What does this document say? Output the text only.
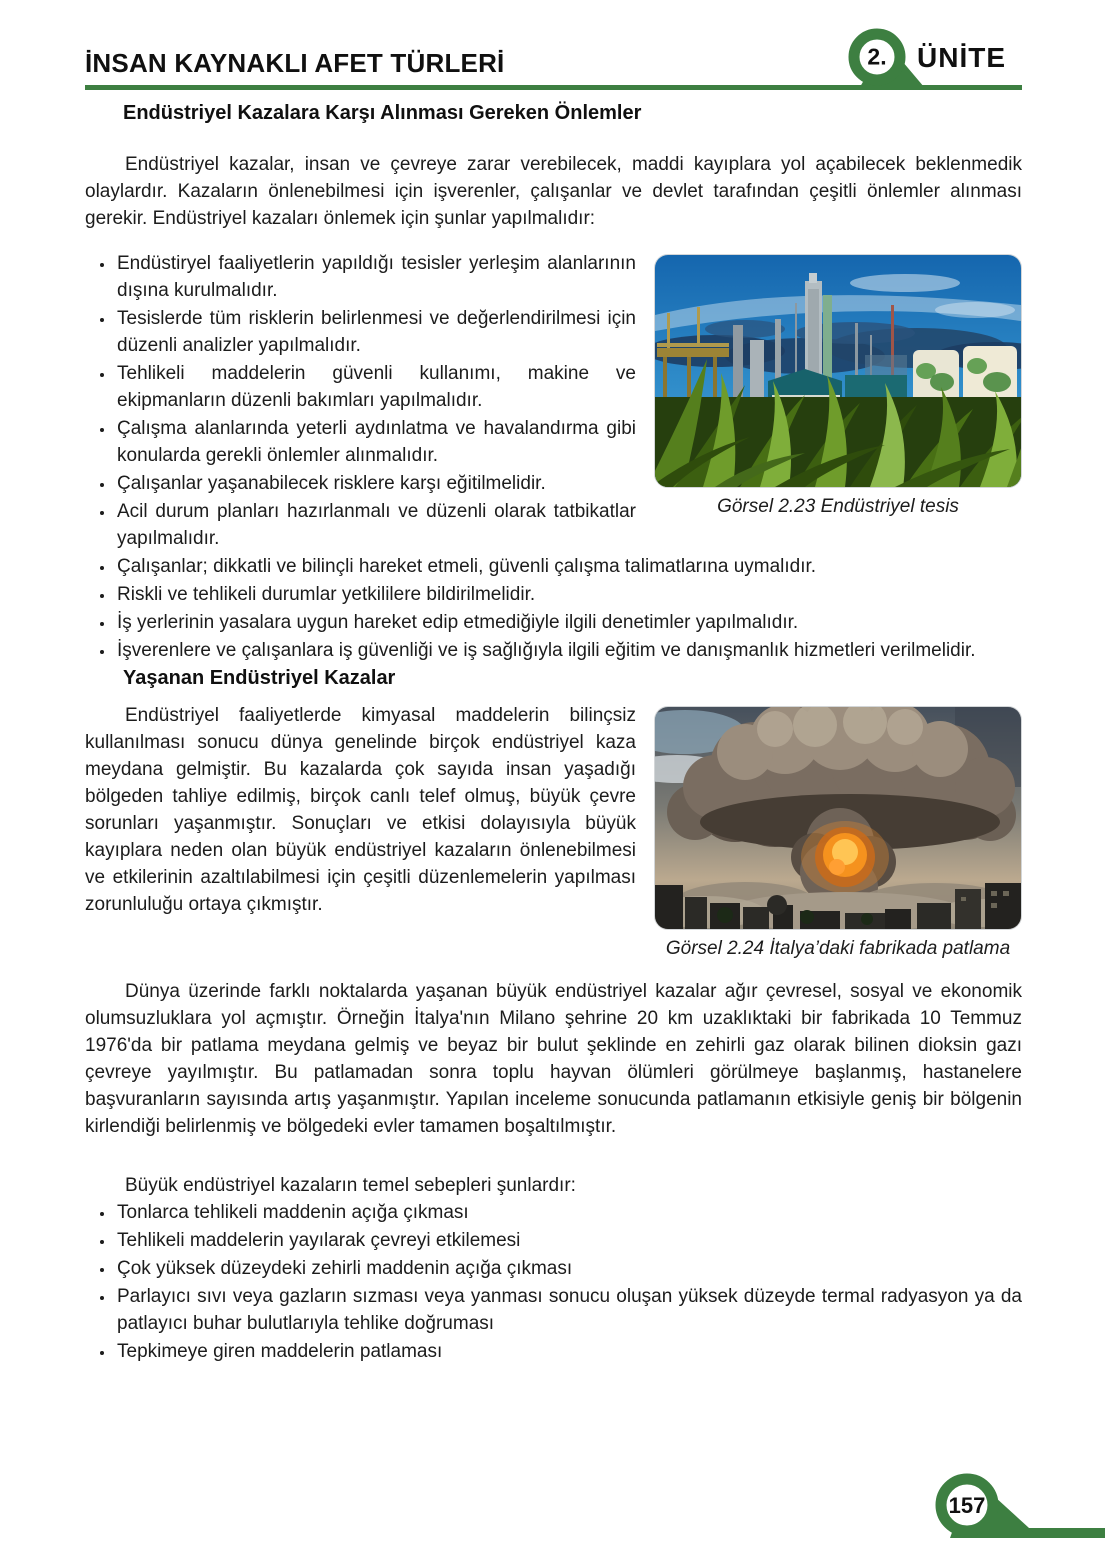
İNSAN KAYNAKLI AFET TÜRLERİ	2. ÜNİTE
Endüstriyel Kazalara Karşı Alınması Gereken Önlemler

Endüstriyel kazalar, insan ve çevreye zarar verebilecek, maddi kayıplara yol açabilecek beklenmedik olaylardır. Kazaların önlenebilmesi için işverenler, çalışanlar ve devlet tarafından çeşitli önlemler alınması gerekir. Endüstriyel kazaları önlemek için şunlar yapılmalıdır:

Görsel 2.23 Endüstriyel tesis
• Endüstiryel faaliyetlerin yapıldığı tesisler yerleşim alanlarının dışına kurulmalıdır.
• Tesislerde tüm risklerin belirlenmesi ve değerlendirilmesi için düzenli analizler yapılmalıdır.
• Tehlikeli maddelerin güvenli kullanımı, makine ve ekipmanların düzenli bakımları yapılmalıdır.
• Çalışma alanlarında yeterli aydınlatma ve havalandırma gibi konularda gerekli önlemler alınmalıdır.
• Çalışanlar yaşanabilecek risklere karşı eğitilmelidir.
• Acil durum planları hazırlanmalı ve düzenli olarak tatbikatlar yapılmalıdır.
• Çalışanlar; dikkatli ve bilinçli hareket etmeli, güvenli çalışma talimatlarına uymalıdır.
• Riskli ve tehlikeli durumlar yetkililere bildirilmelidir.
• İş yerlerinin yasalara uygun hareket edip etmediğiyle ilgili denetimler yapılmalıdır.
• İşverenlere ve çalışanlara iş güvenliği ve iş sağlığıyla ilgili eğitim ve danışmanlık hizmetleri verilmelidir.
Yaşanan Endüstriyel Kazalar
Görsel 2.24 İtalya’daki fabrikada patlama

Endüstriyel faaliyetlerde kimyasal maddelerin bilinçsiz kullanılması sonucu dünya genelinde birçok endüstriyel kaza meydana gelmiştir. Bu kazalarda çok sayıda insan yaşadığı bölgeden tahliye edilmiş, birçok canlı telef olmuş, büyük çevre sorunları yaşanmıştır. Sonuçları ve etkisi dolayısıyla büyük kayıplara neden olan büyük endüstriyel kazaların önlenebilmesi ve etkilerinin azaltılabilmesi için çeşitli düzenlemelerin yapılması zorunluluğu ortaya çıkmıştır.

Dünya üzerinde farklı noktalarda yaşanan büyük endüstriyel kazalar ağır çevresel, sosyal ve ekonomik olumsuzluklara yol açmıştır. Örneğin İtalya'nın Milano şehrine 20 km uzaklıktaki bir fabrikada 10 Temmuz 1976'da bir patlama meydana gelmiş ve beyaz bir bulut şeklinde en zehirli gaz olarak bilinen dioksin gazı çevreye yayılmıştır. Bu patlamadan sonra toplu hayvan ölümleri görülmeye başlanmış, hastanelere başvuranların sayısında artış yaşanmıştır. Yapılan inceleme sonucunda patlamanın etkisiyle geniş bir bölgenin kirlendiği belirlenmiş ve bölgedeki evler tamamen boşaltılmıştır.

Büyük endüstriyel kazaların temel sebepleri şunlardır:

• Tonlarca tehlikeli maddenin açığa çıkması
• Tehlikeli maddelerin yayılarak çevreyi etkilemesi
• Çok yüksek düzeydeki zehirli maddenin açığa çıkması
• Parlayıcı sıvı veya gazların sızması veya yanması sonucu oluşan yüksek düzeyde termal radyasyon ya da patlayıcı buhar bulutlarıyla tehlike doğruması
• Tepkimeye giren maddelerin patlaması
157
